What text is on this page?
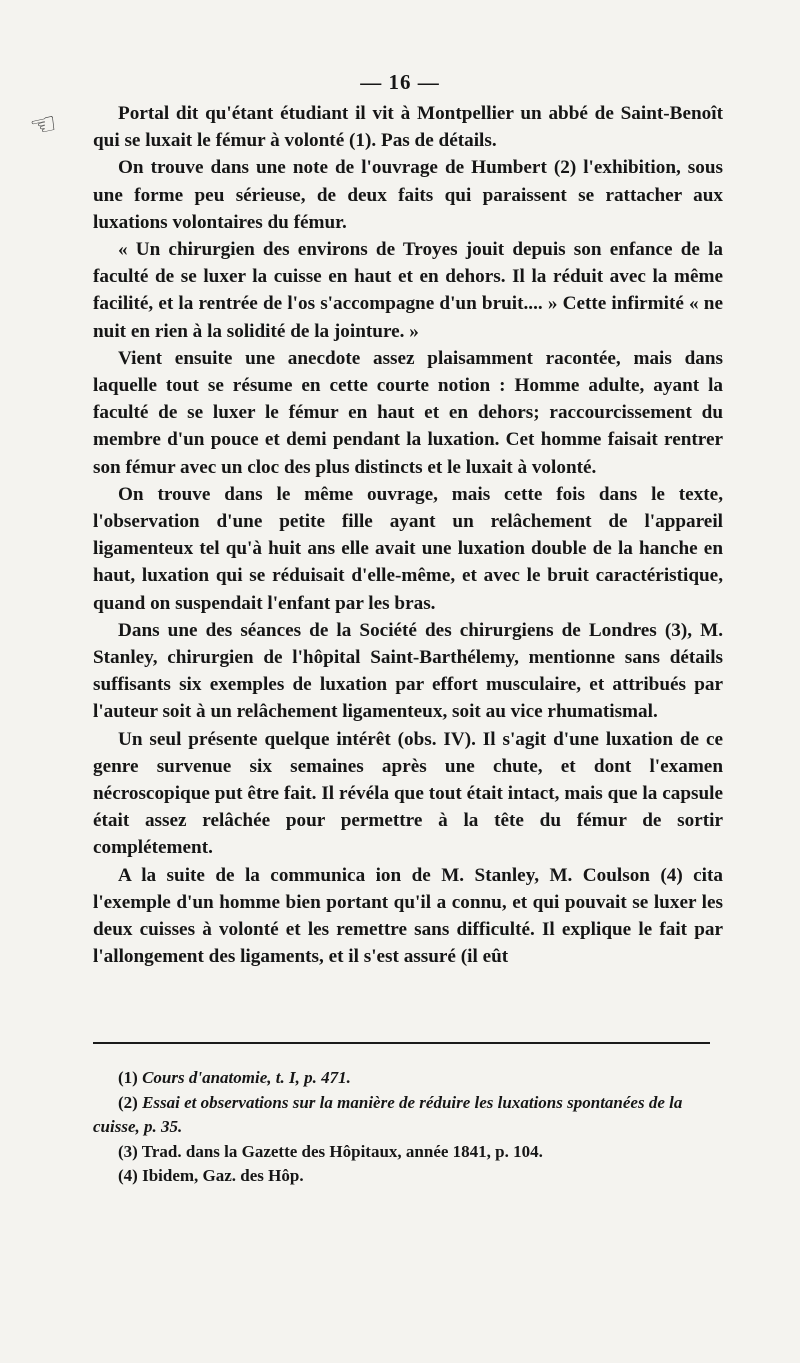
☜
— 16 —

Portal dit qu'étant étudiant il vit à Montpellier un abbé de Saint-Benoît qui se luxait le fémur à volonté (1). Pas de détails.

On trouve dans une note de l'ouvrage de Humbert (2) l'exhibition, sous une forme peu sérieuse, de deux faits qui paraissent se rattacher aux luxations volontaires du fémur.

« Un chirurgien des environs de Troyes jouit depuis son enfance de la faculté de se luxer la cuisse en haut et en dehors. Il la réduit avec la même facilité, et la rentrée de l'os s'accompagne d'un bruit.... » Cette infirmité « ne nuit en rien à la solidité de la jointure. »

Vient ensuite une anecdote assez plaisamment racontée, mais dans laquelle tout se résume en cette courte notion : Homme adulte, ayant la faculté de se luxer le fémur en haut et en dehors; raccourcissement du membre d'un pouce et demi pendant la luxation. Cet homme faisait rentrer son fémur avec un cloc des plus distincts et le luxait à volonté.

On trouve dans le même ouvrage, mais cette fois dans le texte, l'observation d'une petite fille ayant un relâchement de l'appareil ligamenteux tel qu'à huit ans elle avait une luxation double de la hanche en haut, luxation qui se réduisait d'elle-même, et avec le bruit caractéristique, quand on suspendait l'enfant par les bras.

Dans une des séances de la Société des chirurgiens de Londres (3), M. Stanley, chirurgien de l'hôpital Saint-Barthélemy, mentionne sans détails suffisants six exemples de luxation par effort musculaire, et attribués par l'auteur soit à un relâchement ligamenteux, soit au vice rhumatismal.

Un seul présente quelque intérêt (obs. IV). Il s'agit d'une luxation de ce genre survenue six semaines après une chute, et dont l'examen nécroscopique put être fait. Il révéla que tout était intact, mais que la capsule était assez relâchée pour permettre à la tête du fémur de sortir complétement.

A la suite de la communica ion de M. Stanley, M. Coulson (4) cita l'exemple d'un homme bien portant qu'il a connu, et qui pouvait se luxer les deux cuisses à volonté et les remettre sans difficulté. Il explique le fait par l'allongement des ligaments, et il s'est assuré (il eût

(1) Cours d'anatomie, t. I, p. 471.

(2) Essai et observations sur la manière de réduire les luxations spontanées de la cuisse, p. 35.

(3) Trad. dans la Gazette des Hôpitaux, année 1841, p. 104.

(4) Ibidem, Gaz. des Hôp.
